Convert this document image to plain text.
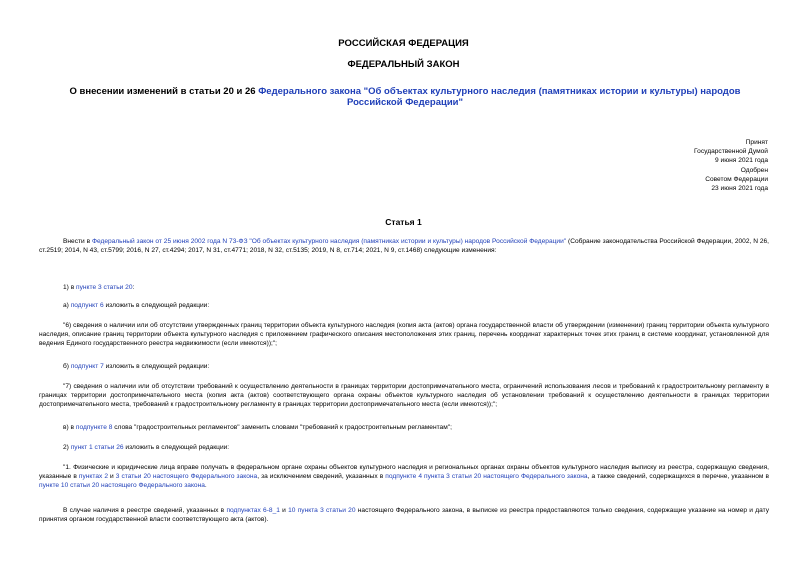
РОССИЙСКАЯ ФЕДЕРАЦИЯ
ФЕДЕРАЛЬНЫЙ ЗАКОН
О внесении изменений в статьи 20 и 26 Федерального закона "Об объектах культурного наследия (памятниках истории и культуры) народов Российской Федерации"
Принят
Государственной Думой
9 июня 2021 года
Одобрен
Советом Федерации
23 июня 2021 года
Статья 1
Внести в Федеральный закон от 25 июня 2002 года N 73-ФЗ "Об объектах культурного наследия (памятниках истории и культуры) народов Российской Федерации" (Собрание законодательства Российской Федерации, 2002, N 26, ст.2519; 2014, N 43, ст.5799; 2016, N 27, ст.4294; 2017, N 31, ст.4771; 2018, N 32, ст.5135; 2019, N 8, ст.714; 2021, N 9, ст.1468) следующие изменения:
1) в пункте 3 статьи 20:
а) подпункт 6 изложить в следующей редакции:
"6) сведения о наличии или об отсутствии утвержденных границ территории объекта культурного наследия (копия акта (актов) органа государственной власти об утверждении (изменении) границ территории объекта культурного наследия, описание границ территории объекта культурного наследия с приложением графического описания местоположения этих границ, перечень координат характерных точек этих границ в системе координат, установленной для ведения Единого государственного реестра недвижимости (если имеются));";
б) подпункт 7 изложить в следующей редакции:
"7) сведения о наличии или об отсутствии требований к осуществлению деятельности в границах территории достопримечательного места, ограничений использования лесов и требований к градостроительному регламенту в границах территории достопримечательного места (копия акта (актов) соответствующего органа охраны объектов культурного наследия об установлении требований к осуществлению деятельности в границах территории достопримечательного места, требований к градостроительному регламенту в границах территории достопримечательного места (если имеются));";
в) в подпункте 8 слова "градостроительных регламентов" заменить словами "требований к градостроительным регламентам";
2) пункт 1 статьи 26 изложить в следующей редакции:
"1. Физические и юридические лица вправе получать в федеральном органе охраны объектов культурного наследия и региональных органах охраны объектов культурного наследия выписку из реестра, содержащую сведения, указанные в пунктах 2 и 3 статьи 20 настоящего Федерального закона, за исключением сведений, указанных в подпункте 4 пункта 3 статьи 20 настоящего Федерального закона, а также сведений, содержащихся в перечне, указанном в пункте 10 статьи 20 настоящего Федерального закона.
В случае наличия в реестре сведений, указанных в подпунктах 6-8_1 и 10 пункта 3 статьи 20 настоящего Федерального закона, в выписке из реестра предоставляются только сведения, содержащие указание на номер и дату принятия органом государственной власти соответствующего акта (актов).
